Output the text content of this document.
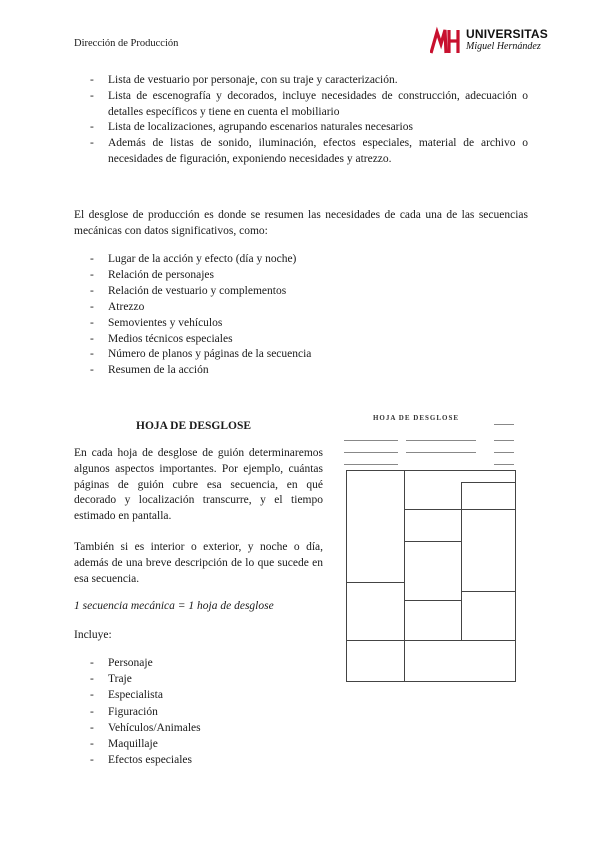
Dirección de Producción
UNIVERSITAS
Miguel Hernández
- Lista de vestuario por personaje, con su traje y caracterización.
- Lista de escenografía y decorados, incluye necesidades de construcción, adecuación o detalles específicos y tiene en cuenta el mobiliario
- Lista de localizaciones, agrupando escenarios naturales necesarios
- Además de listas de sonido, iluminación, efectos especiales, material de archivo o necesidades de figuración, exponiendo necesidades y atrezzo.

El desglose de producción es donde se resumen las necesidades de cada una de las secuencias mecánicas con datos significativos, como:

- Lugar de la acción y efecto (día y noche)
- Relación de personajes
- Relación de vestuario y complementos
- Atrezzo
- Semovientes y vehículos
- Medios técnicos especiales
- Número de planos y páginas de la secuencia
- Resumen de la acción
HOJA DE DESGLOSE

En cada hoja de desglose de guión determinaremos algunos aspectos importantes. Por ejemplo, cuántas páginas de guión cubre esa secuencia, en qué decorado y localización transcurre, y el tiempo estimado en pantalla.

También si es interior o exterior, y noche o día, además de una breve descripción de lo que sucede en esa secuencia.

1 secuencia mecánica = 1 hoja de desglose
Incluye:
- Personaje
- Traje
- Especialista
- Figuración
- Vehículos/Animales
- Maquillaje
- Efectos especiales
HOJA DE DESGLOSE
